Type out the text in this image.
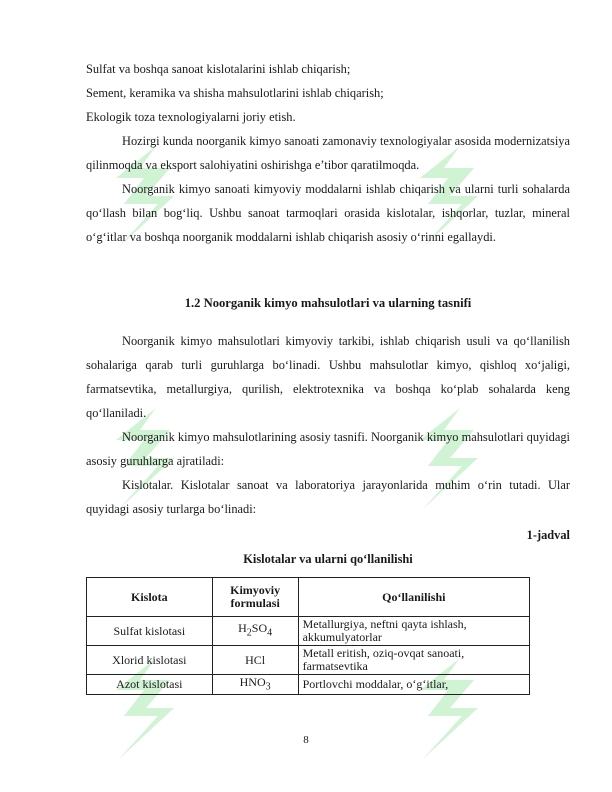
Sulfat va boshqa sanoat kislotalarini ishlab chiqarish;
Sement, keramika va shisha mahsulotlarini ishlab chiqarish;
Ekologik toza texnologiyalarni joriy etish.

Hozirgi kunda noorganik kimyo sanoati zamonaviy texnologiyalar asosida modernizatsiya qilinmoqda va eksport salohiyatini oshirishga e’tibor qaratilmoqda.

Noorganik kimyo sanoati kimyoviy moddalarni ishlab chiqarish va ularni turli sohalarda qo‘llash bilan bog‘liq. Ushbu sanoat tarmoqlari orasida kislotalar, ishqorlar, tuzlar, mineral o‘g‘itlar va boshqa noorganik moddalarni ishlab chiqarish asosiy o‘rinni egallaydi.

1.2 Noorganik kimyo mahsulotlari va ularning tasnifi

Noorganik kimyo mahsulotlari kimyoviy tarkibi, ishlab chiqarish usuli va qo‘llanilish sohalariga qarab turli guruhlarga bo‘linadi. Ushbu mahsulotlar kimyo, qishloq xo‘jaligi, farmatsevtika, metallurgiya, qurilish, elektrotexnika va boshqa ko‘plab sohalarda keng qo‘llaniladi.

Noorganik kimyo mahsulotlarining asosiy tasnifi. Noorganik kimyo mahsulotlari quyidagi asosiy guruhlarga ajratiladi:

Kislotalar. Kislotalar sanoat va laboratoriya jarayonlarida muhim o‘rin tutadi. Ular quyidagi asosiy turlarga bo‘linadi:

1-jadval
Kislotalar va ularni qo‘llanilishi
Kislota	Kimyoviy formulasi	Qo‘llanilishi
Sulfat kislotasi	$H_2SO_4$	Metallurgiya, neftni qayta ishlash, akkumulyatorlar
Xlorid kislotasi	HCl	Metall eritish, oziq-ovqat sanoati, farmatsevtika
Azot kislotasi	$HNO_3$	Portlovchi moddalar, o‘g‘itlar,
8
